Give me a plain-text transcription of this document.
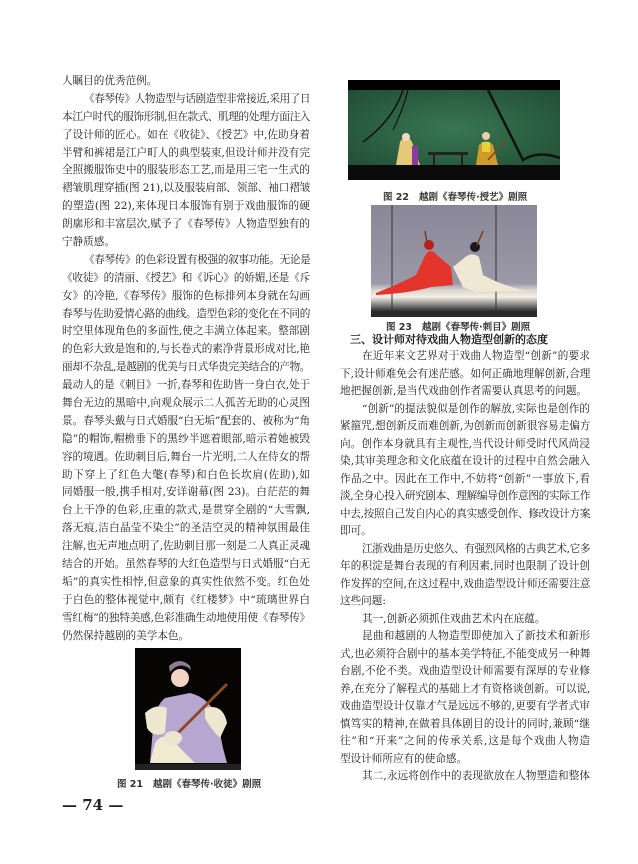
人瞩目的优秀范例。
《春琴传》人物造型与话剧造型非常接近,采用了日
本江户时代的服饰形制,但在款式、肌理的处理方面注入
了设计师的匠心。如在《收徒》、《授艺》中,佐助身着
半臂和裤裙是江户町人的典型装束,但设计师并没有完
全照搬服饰史中的服装形态工艺,而是用三宅一生式的
褶皱肌理穿插(图 21),以及服装肩部、领部、袖口褶皱
的塑造(图 22),来体现日本服饰有别于戏曲服饰的硬
朗廓形和丰富层次,赋予了《春琴传》人物造型独有的
宁静质感。
《春琴传》的色彩设置有极强的叙事功能。无论是
《收徒》的清丽、《授艺》和《诉心》的娇媚,还是《斥
女》的冷艳,《春琴传》服饰的色标排列本身就在勾画
春琴与佐助爱情心路的曲线。造型色彩的变化在不同的
时空里体现角色的多面性,使之丰满立体起来。整部剧
的色彩大致是饱和的,与长卷式的素净背景形成对比,艳
丽却不杂乱,是越剧的优美与日式华贵完美结合的产物。
最动人的是《刺目》一折,春琴和佐助皆一身白衣,处于
舞台无边的黑暗中,向观众展示二人孤苦无助的心灵图
景。春琴头戴与日式婚服“白无垢”配套的、被称为“角
隐”的帽饰,帽檐垂下的黑纱半遮着眼部,暗示着她被毁
容的境遇。佐助刺目后,舞台一片光明,二人在侍女的帮
助下穿上了红色大氅(春琴)和白色长坎肩(佐助),如
同婚服一般,携手相对,安详谢幕(图 23)。白茫茫的舞
台上干净的色彩,庄重的款式,是贯穿全剧的“大雪飘,
落无痕,洁白晶莹不染尘”的圣洁空灵的精神氛围最佳
注解,也无声地点明了,佐助刺目那一刻是二人真正灵魂
结合的开始。虽然春琴的大红色造型与日式婚服“白无
垢”的真实性相悖,但意象的真实性依然不变。红色处
于白色的整体视觉中,颇有《红楼梦》中“琉璃世界白
雪红梅”的独特美感,色彩准确生动地使用使《春琴传》
仍然保持越剧的美学本色。
图 22 越剧《春琴传·授艺》剧照
图 23 越剧《春琴传·刺目》剧照
三、设计师对待戏曲人物造型创新的态度
在近年来文艺界对于戏曲人物造型“创新”的要求
下,设计师难免会有迷茫感。如何正确地理解创新,合理
地把握创新,是当代戏曲创作者需要认真思考的问题。
“创新”的提法貌似是创作的解放,实际也是创作的
紧箍咒,想创新反而难创新,为创新而创新很容易走偏方
向。创作本身就具有主观性,当代设计师受时代风尚浸
染,其审美理念和文化底蕴在设计的过程中自然会融入
作品之中。因此在工作中,不妨将“创新”一事放下,看
淡,全身心投入研究剧本、理解编导创作意图的实际工作
中去,按照自己发自内心的真实感受创作、修改设计方案
即可。
江浙戏曲是历史悠久、有强烈风格的古典艺术,它多
年的积淀是舞台表现的有利因素,同时也限制了设计创
作发挥的空间,在这过程中,戏曲造型设计师还需要注意
这些问题:
其一,创新必须抓住戏曲艺术内在底蕴。
昆曲和越剧的人物造型即使加入了新技术和新形
式,也必须符合剧中的基本美学特征,不能变成另一种舞
台剧,不伦不类。戏曲造型设计师需要有深厚的专业修
养,在充分了解程式的基础上才有资格谈创新。可以说,
戏曲造型设计仅靠才气是远远不够的,更要有学者式审
慎笃实的精神,在做着具体剧目的设计的同时,兼顾“继
往”和“开来”之间的传承关系,这是每个戏曲人物造
型设计师所应有的使命感。
其二,永远将创作中的表现欲放在人物塑造和整体
图 21 越剧《春琴传·收徒》剧照
— 74 —
